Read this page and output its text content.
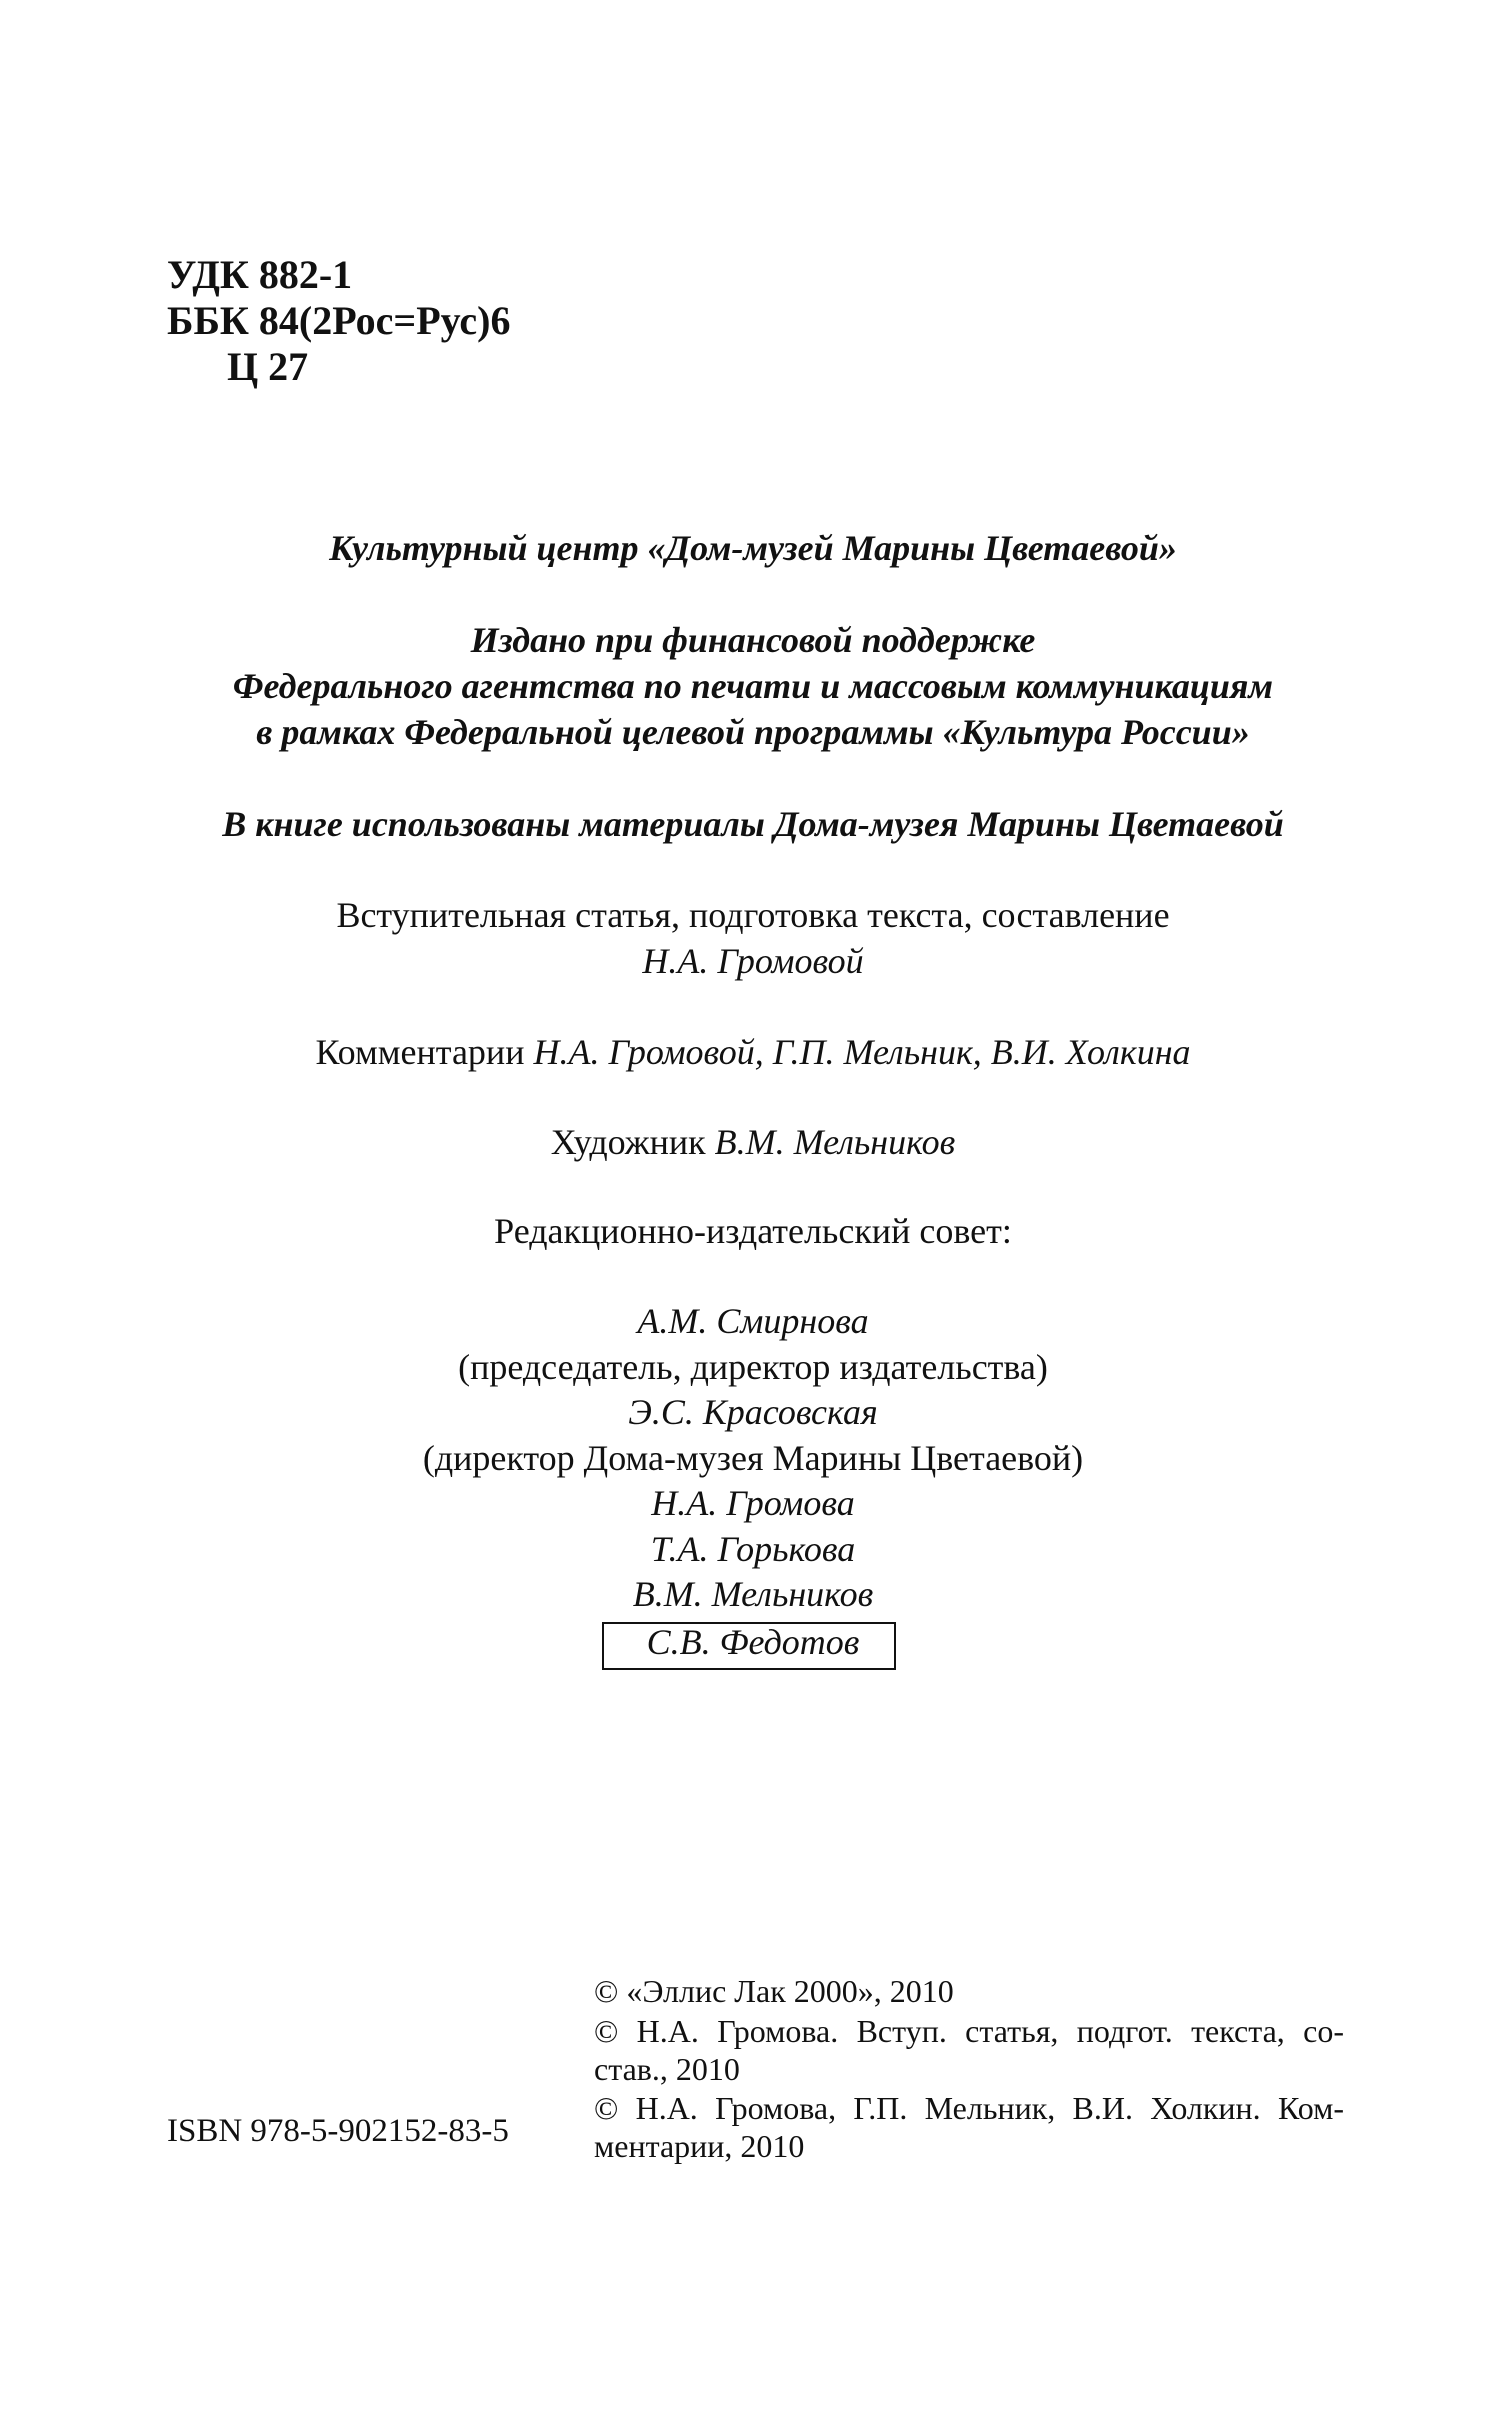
УДК 882-1
ББК 84(2Рос=Рус)6
Ц 27
Культурный центр «Дом-музей Марины Цветаевой»
Издано при финансовой поддержке
Федерального агентства по печати и массовым коммуникациям
в рамках Федеральной целевой программы «Культура России»
В книге использованы материалы Дома-музея Марины Цветаевой
Вступительная статья, подготовка текста, составление
Н.А. Громовой
Комментарии Н.А. Громовой, Г.П. Мельник, В.И. Холкина
Художник В.М. Мельников
Редакционно-издательский совет:
А.М. Смирнова
(председатель, директор издательства)
Э.С. Красовская
(директор Дома-музея Марины Цветаевой)
Н.А. Громова
Т.А. Горькова
В.М. Мельников
С.В. Федотов
ISBN 978-5-902152-83-5
© «Эллис Лак 2000», 2010
© Н.А. Громова. Вступ. статья, подгот. текста, со-
став., 2010
© Н.А. Громова, Г.П. Мельник, В.И. Холкин. Ком-
ментарии, 2010
